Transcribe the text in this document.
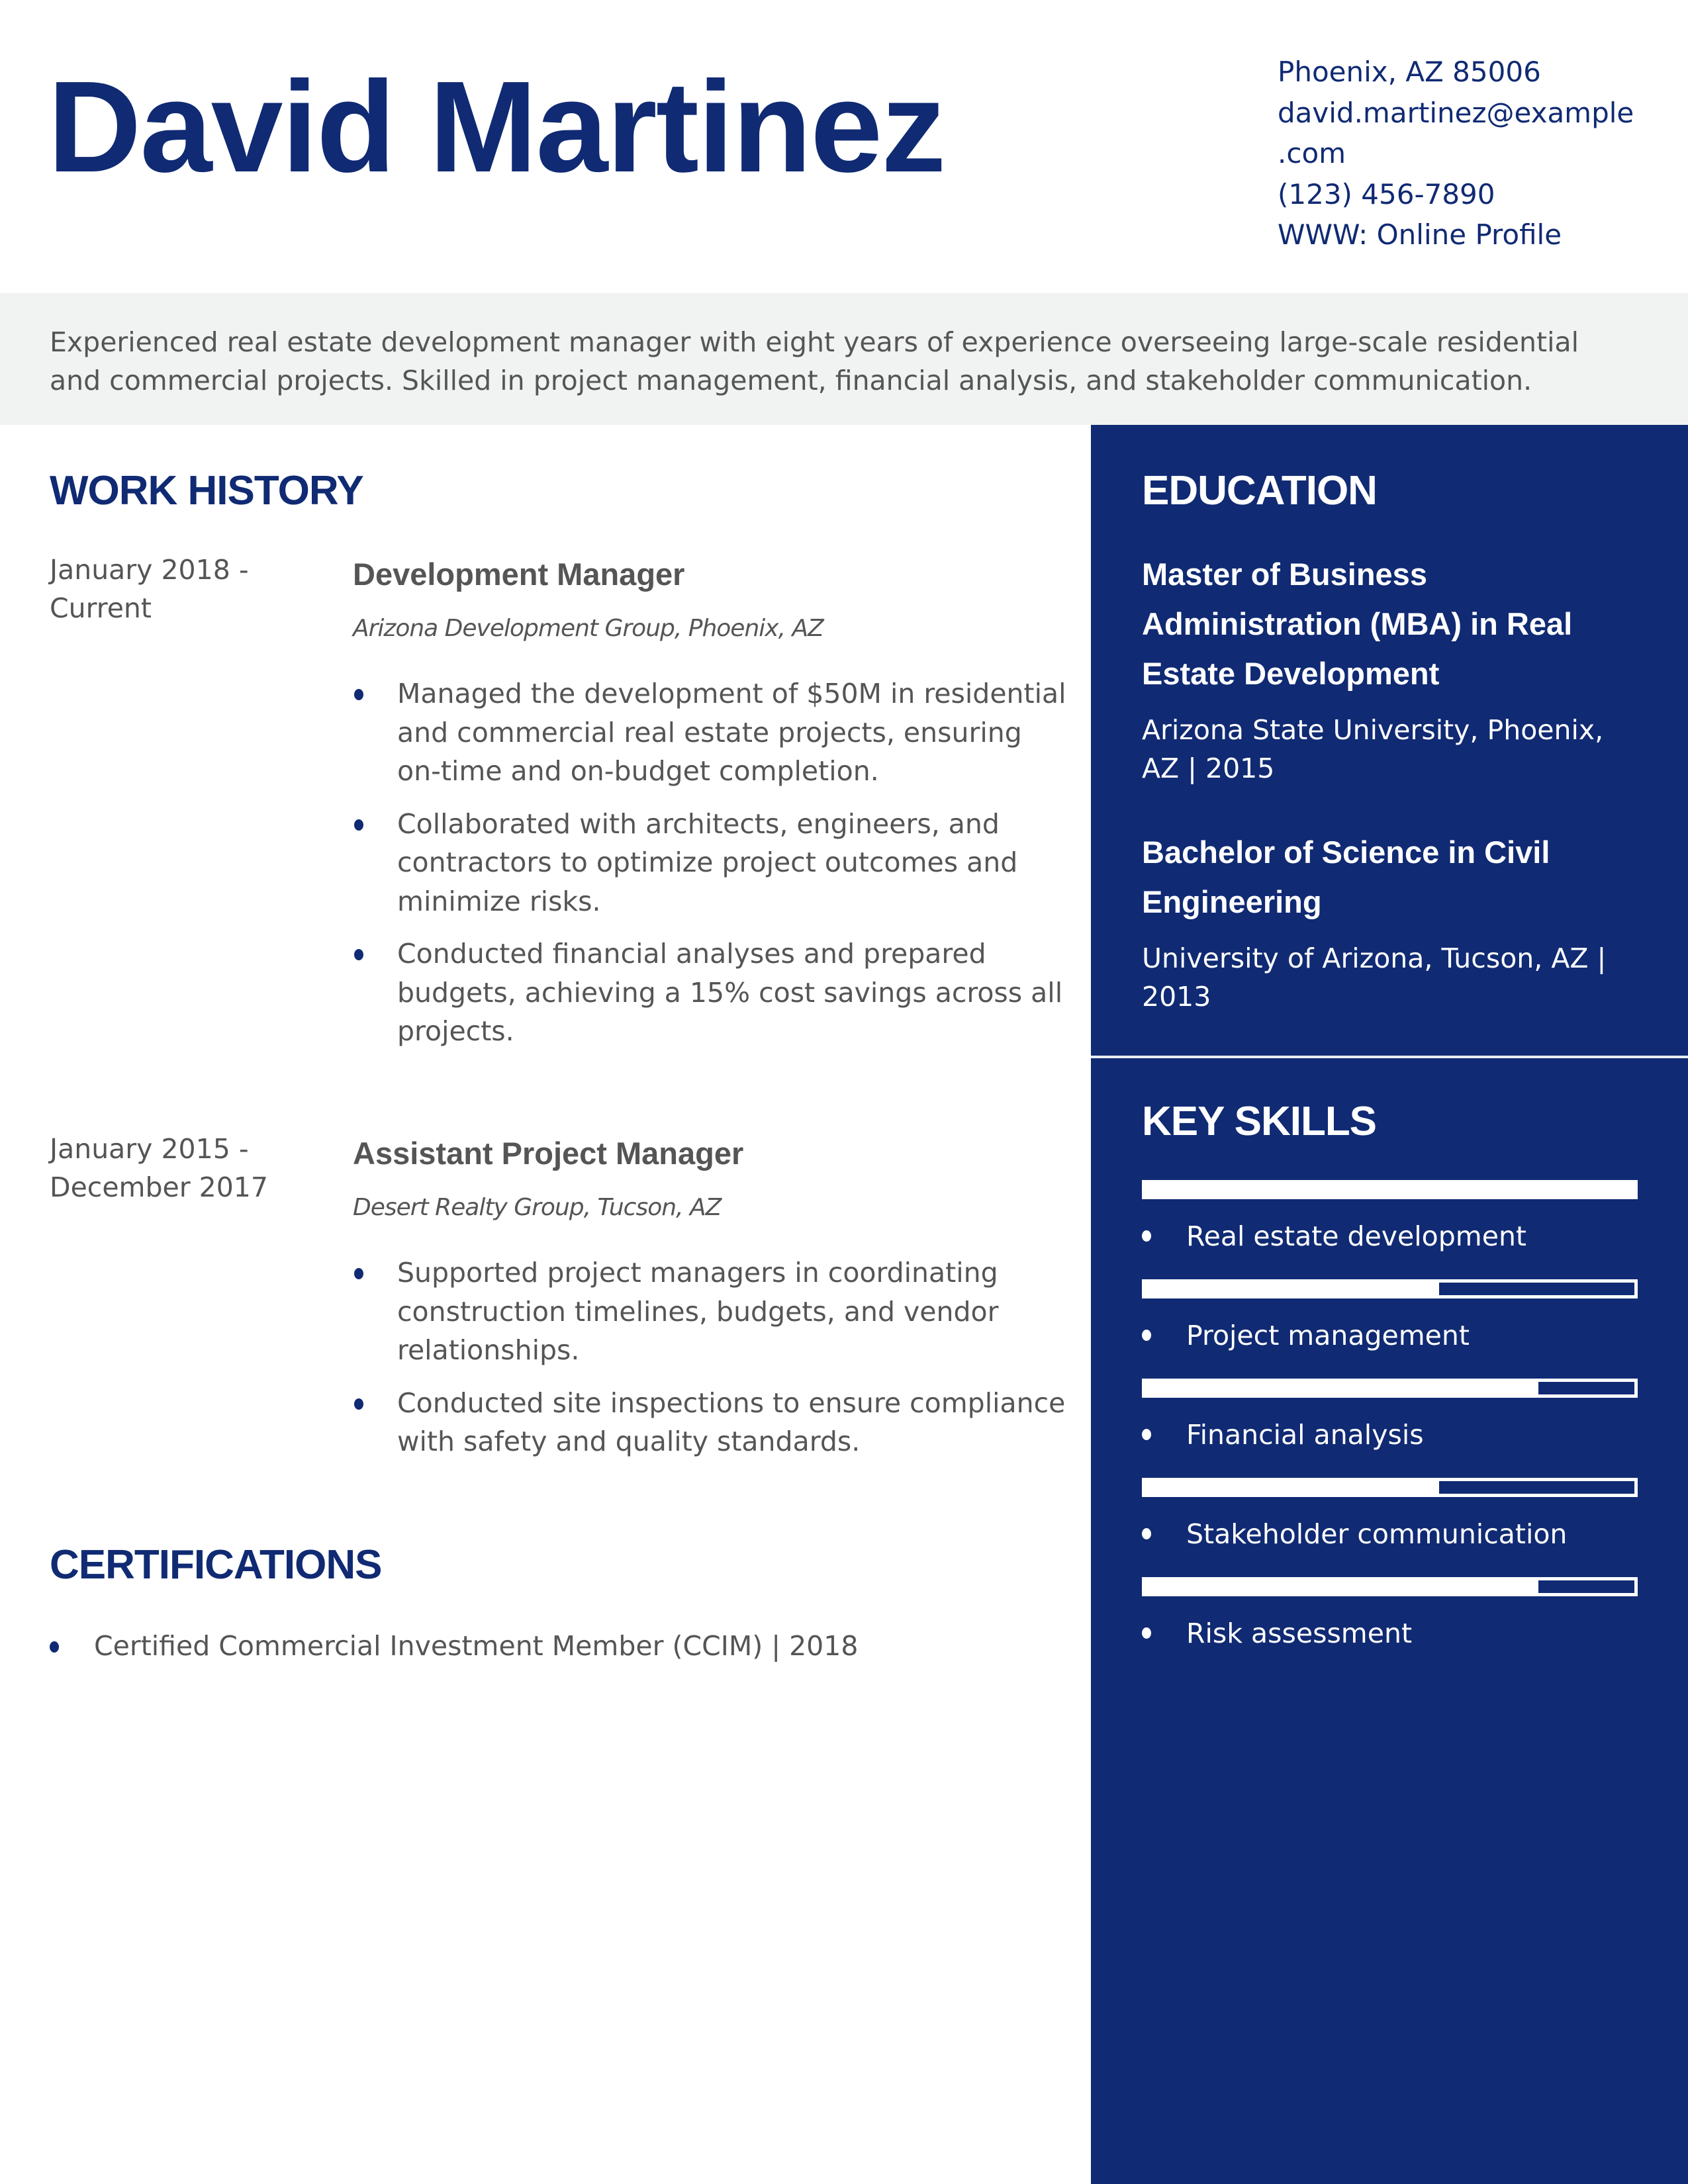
David Martinez	Phoenix, AZ 85006
david.martinez@example
.com
(123) 456-7890
WWW: Online Profile
Experienced real estate development manager with eight years of experience overseeing large-scale residential
and commercial projects. Skilled in project management, financial analysis, and stakeholder communication.
WORK HISTORY
January 2018 -
Current
Development Manager
Arizona Development Group, Phoenix, AZ
Managed the development of $50M in residential and commercial real estate projects, ensuring on-time and on-budget completion.
Collaborated with architects, engineers, and contractors to optimize project outcomes and minimize risks.
Conducted financial analyses and prepared budgets, achieving a 15% cost savings across all projects.
January 2015 -
December 2017
Assistant Project Manager
Desert Realty Group, Tucson, AZ
Supported project managers in coordinating construction timelines, budgets, and vendor relationships.
Conducted site inspections to ensure compliance with safety and quality standards.
CERTIFICATIONS
Certified Commercial Investment Member (CCIM) | 2018
EDUCATION
Master of Business Administration (MBA) in Real Estate Development
Arizona State University, Phoenix, AZ | 2015
Bachelor of Science in Civil Engineering
University of Arizona, Tucson, AZ | 2013
KEY SKILLS
Real estate development
Project management
Financial analysis
Stakeholder communication
Risk assessment
